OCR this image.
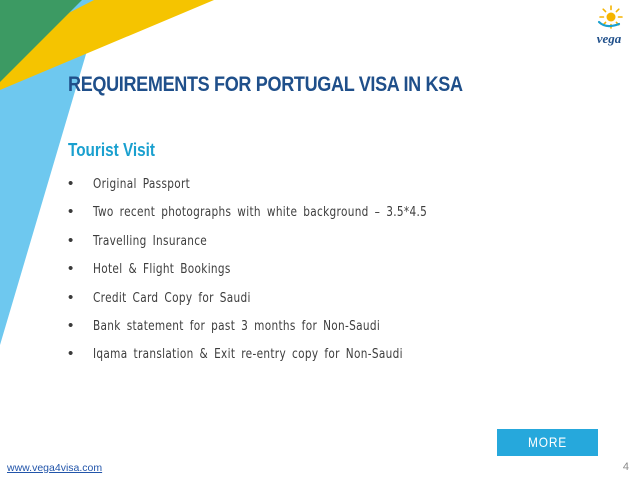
vega
REQUIREMENTS FOR PORTUGAL VISA IN KSA
Tourist Visit
• Original Passport
• Two recent photographs with white background – 3.5*4.5
• Travelling Insurance
• Hotel & Flight Bookings
• Credit Card Copy for Saudi
• Bank statement for past 3 months for Non-Saudi
• Iqama translation & Exit re-entry copy for Non-Saudi
MORE INFO…
www.vega4visa.com	4
